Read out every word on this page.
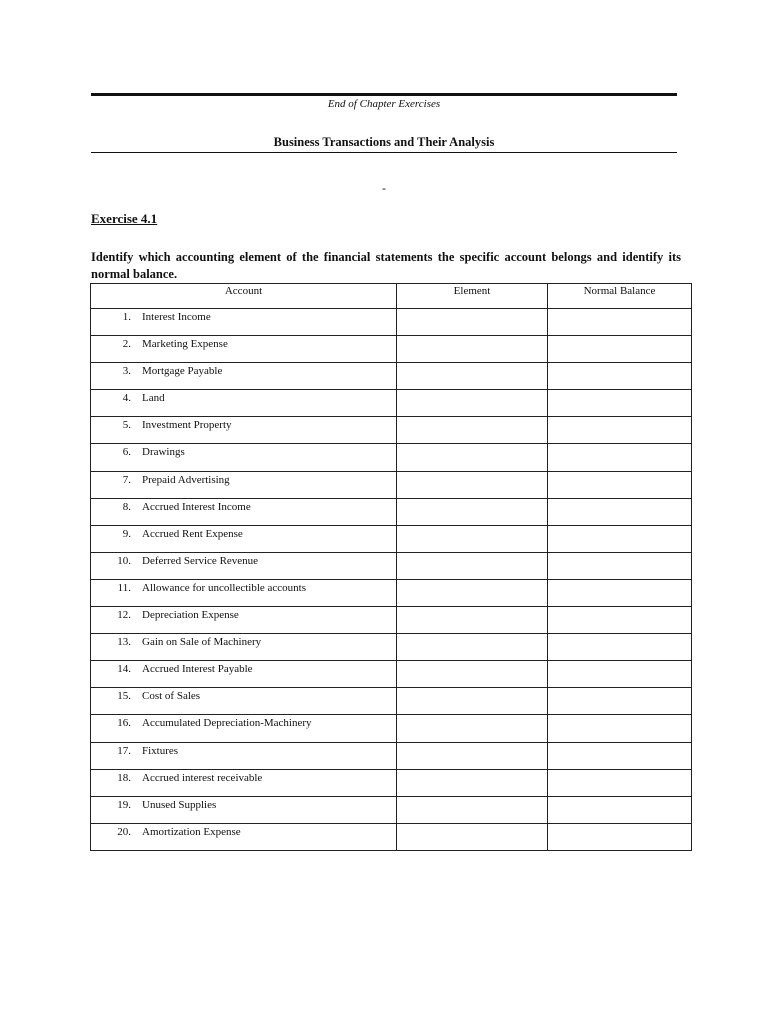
End of Chapter Exercises
Business Transactions and Their Analysis
-
Exercise 4.1
Identify which accounting element of the financial statements the specific account belongs and identify its normal balance.
Account	Element	Normal Balance
1. Interest Income		
2. Marketing Expense		
3. Mortgage Payable		
4. Land		
5. Investment Property		
6. Drawings		
7. Prepaid Advertising		
8. Accrued Interest Income		
9. Accrued Rent Expense		
10. Deferred Service Revenue		
11. Allowance for uncollectible accounts		
12. Depreciation Expense		
13. Gain on Sale of Machinery		
14. Accrued Interest Payable		
15. Cost of Sales		
16. Accumulated Depreciation-Machinery		
17. Fixtures		
18. Accrued interest receivable		
19. Unused Supplies		
20. Amortization Expense		
